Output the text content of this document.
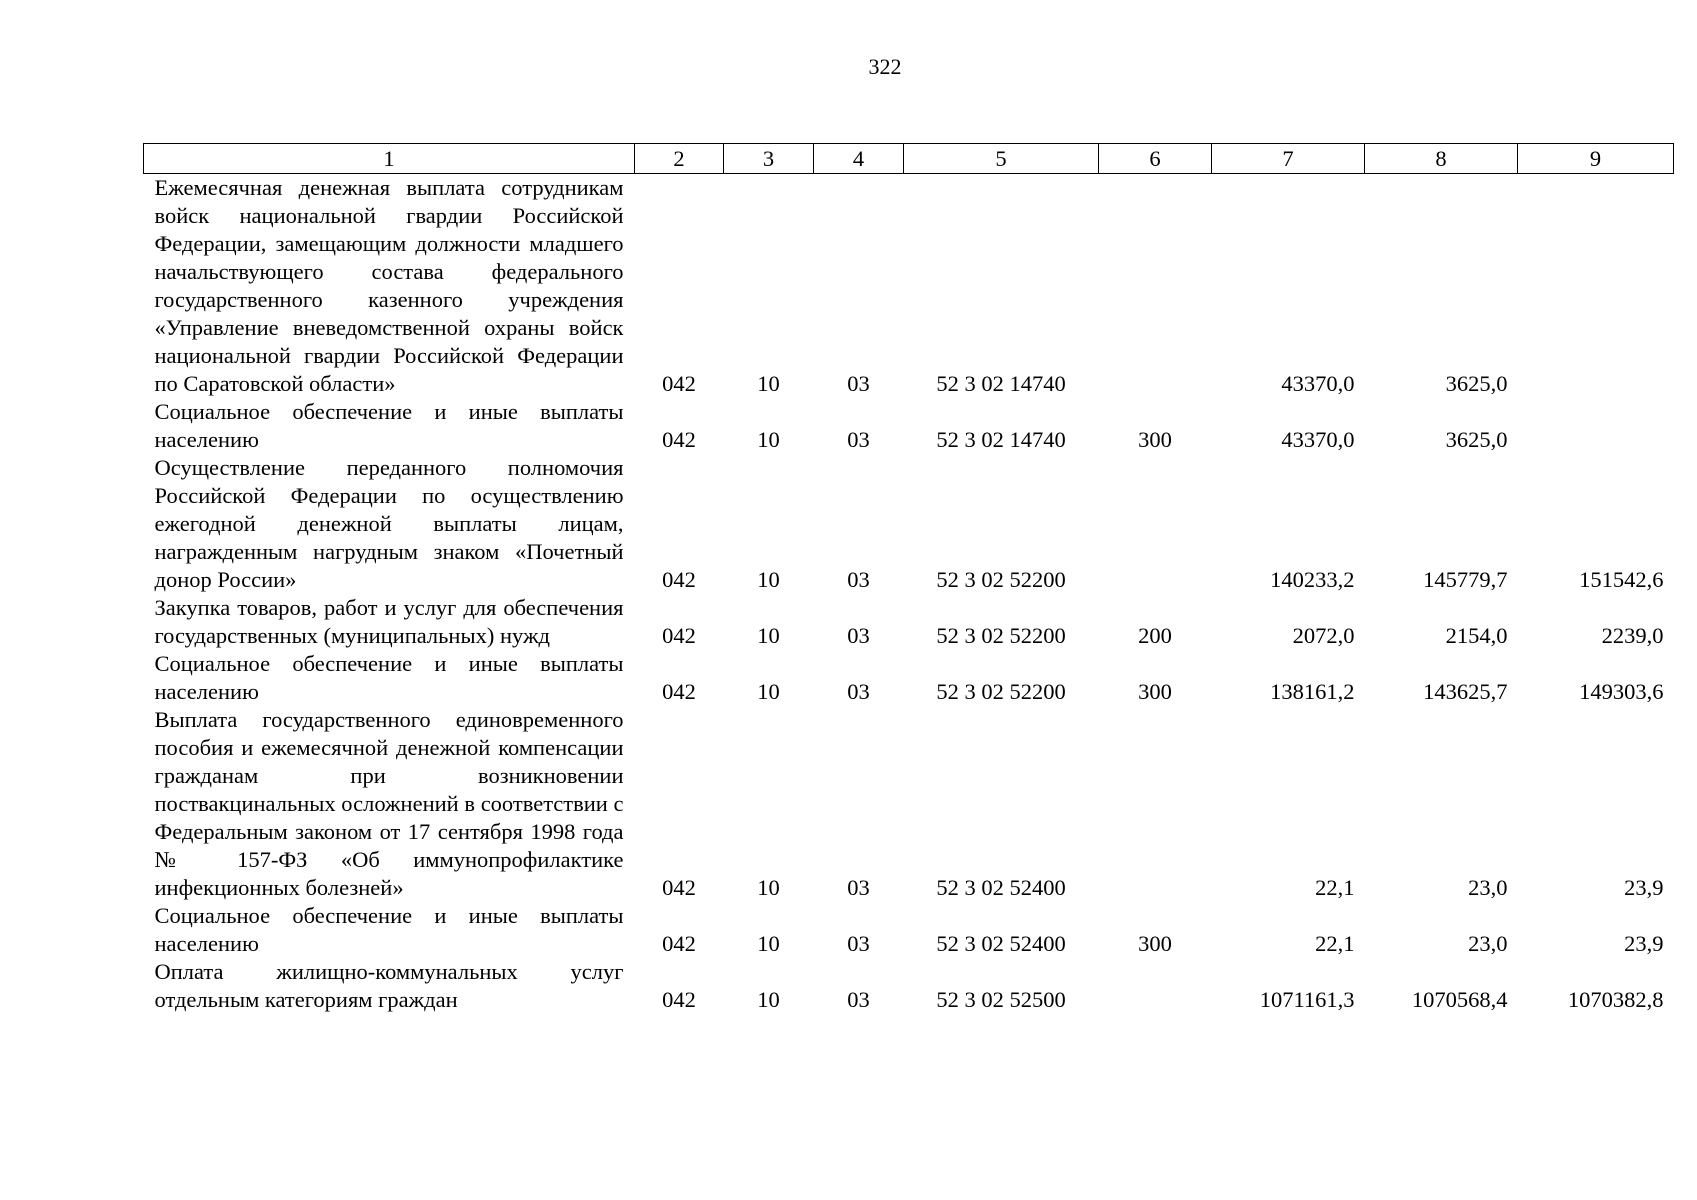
322
1	2	3	4	5	6	7	8	9
Ежемесячная денежная выплата сотрудникам войск национальной гвардии Российской Федерации, замещающим должности младшего начальствующего состава федерального государственного казенного учреждения «Управление вневедомственной охраны войск национальной гвардии Российской Федерации по Саратовской области»	042	10	03	52 3 02 14740		43370,0	3625,0	
Социальное обеспечение и иные выплаты населению	042	10	03	52 3 02 14740	300	43370,0	3625,0	
Осуществление переданного полномочия Российской Федерации по осуществлению ежегодной денежной выплаты лицам, награжденным нагрудным знаком «Почетный донор России»	042	10	03	52 3 02 52200		140233,2	145779,7	151542,6
Закупка товаров, работ и услуг для обеспечения государственных (муниципальных) нужд	042	10	03	52 3 02 52200	200	2072,0	2154,0	2239,0
Социальное обеспечение и иные выплаты населению	042	10	03	52 3 02 52200	300	138161,2	143625,7	149303,6
Выплата государственного единовременного пособия и ежемесячной денежной компенсации гражданам при возникновении поствакцинальных осложнений в соответствии с Федеральным законом от 17 сентября 1998 года № 157-ФЗ «Об иммунопрофилактике инфекционных болезней»	042	10	03	52 3 02 52400		22,1	23,0	23,9
Социальное обеспечение и иные выплаты населению	042	10	03	52 3 02 52400	300	22,1	23,0	23,9
Оплата жилищно-коммунальных услуг отдельным категориям граждан	042	10	03	52 3 02 52500		1071161,3	1070568,4	1070382,8
